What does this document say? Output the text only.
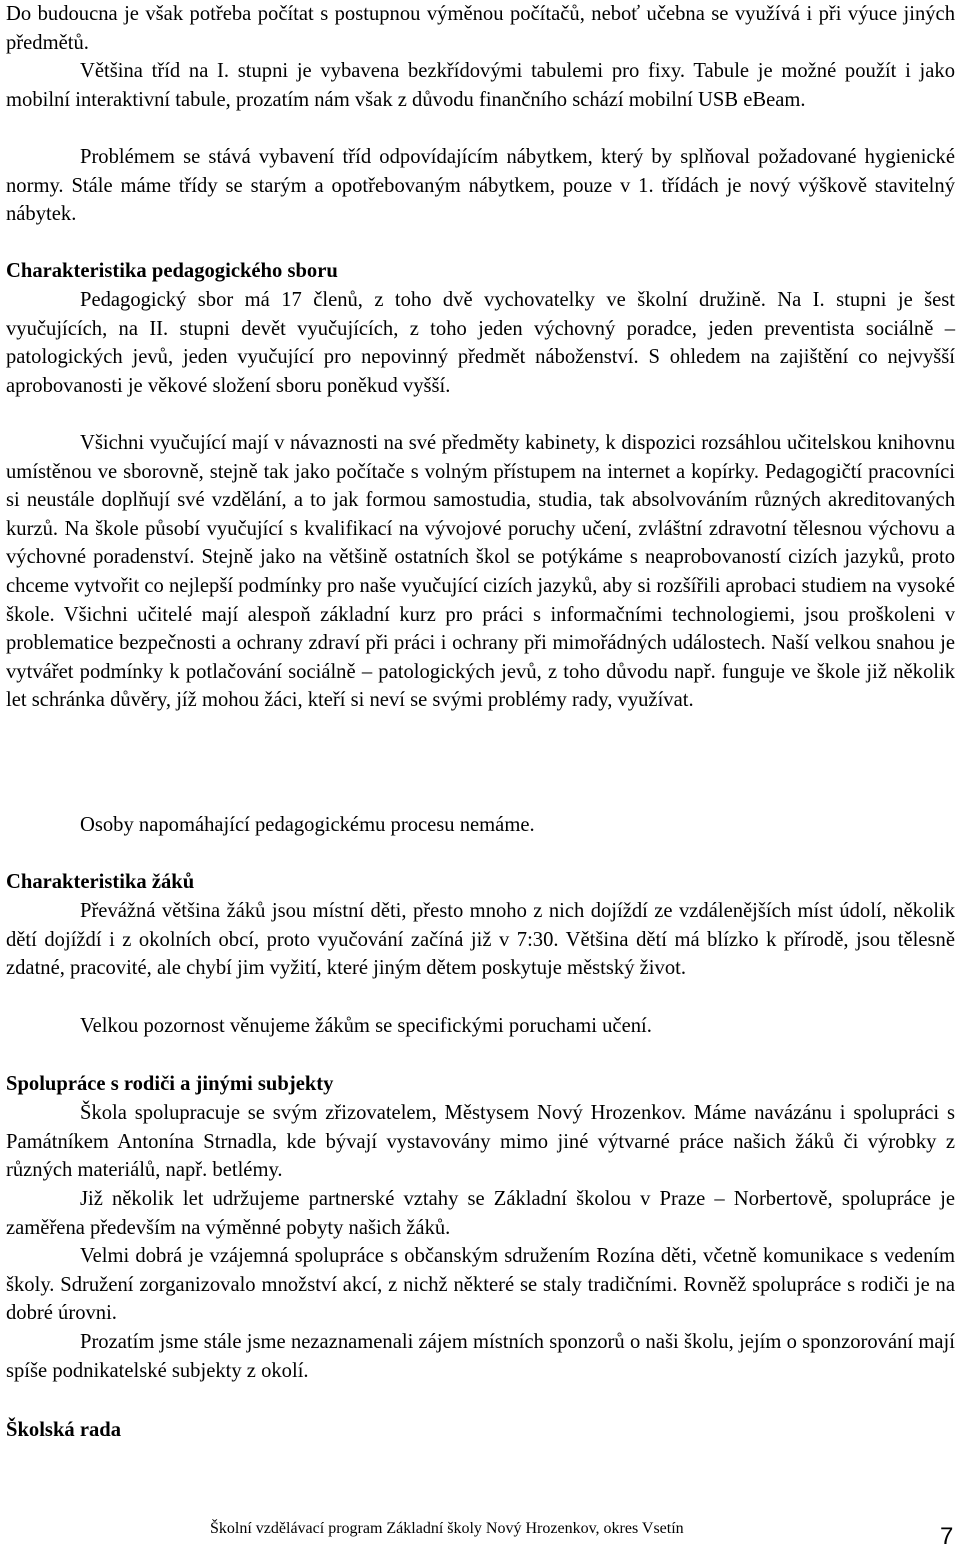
Do budoucna je však potřeba počítat s postupnou výměnou počítačů, neboť učebna se využívá i při výuce jiných předmětů.

Většina tříd na I. stupni je vybavena bezkřídovými tabulemi pro fixy. Tabule je možné použít i jako mobilní interaktivní tabule, prozatím nám však z důvodu finančního schází mobilní USB eBeam.

Problémem se stává vybavení tříd odpovídajícím nábytkem, který by splňoval požadované hygienické normy. Stále máme třídy se starým a opotřebovaným nábytkem, pouze v 1. třídách je nový výškově stavitelný nábytek.

Charakteristika pedagogického sboru

Pedagogický sbor má 17 členů, z toho dvě vychovatelky ve školní družině. Na I. stupni je šest vyučujících, na II. stupni devět vyučujících, z toho jeden výchovný poradce, jeden preventista sociálně – patologických jevů, jeden vyučující pro nepovinný předmět náboženství. S ohledem na zajištění co nejvyšší aprobovanosti je věkové složení sboru poněkud vyšší.

Všichni vyučující mají v návaznosti na své předměty kabinety, k dispozici rozsáhlou učitelskou knihovnu umístěnou ve sborovně, stejně tak jako počítače s volným přístupem na internet a kopírky. Pedagogičtí pracovníci si neustále doplňují své vzdělání, a to jak formou samostudia, studia, tak absolvováním různých akreditovaných kurzů. Na škole působí vyučující s kvalifikací na vývojové poruchy učení, zvláštní zdravotní tělesnou výchovu a výchovné poradenství. Stejně jako na většině ostatních škol se potýkáme s neaprobovaností cizích jazyků, proto chceme vytvořit co nejlepší podmínky pro naše vyučující cizích jazyků, aby si rozšířili aprobaci studiem na vysoké škole. Všichni učitelé mají alespoň základní kurz pro práci s informačními technologiemi, jsou proškoleni v problematice bezpečnosti a ochrany zdraví při práci i ochrany při mimořádných událostech. Naší velkou snahou je vytvářet podmínky k potlačování sociálně – patologických jevů, z toho důvodu např. funguje ve škole již několik let schránka důvěry, jíž mohou žáci, kteří si neví se svými problémy rady, využívat.

Osoby napomáhající pedagogickému procesu nemáme.

Charakteristika žáků

Převážná většina žáků jsou místní děti, přesto mnoho z nich dojíždí ze vzdálenějších míst údolí, několik dětí dojíždí i z okolních obcí, proto vyučování začíná již v 7:30. Většina dětí má blízko k přírodě, jsou tělesně zdatné, pracovité, ale chybí jim vyžití, které jiným dětem poskytuje městský život.

Velkou pozornost věnujeme žákům se specifickými poruchami učení.

Spolupráce s rodiči a jinými subjekty

Škola spolupracuje se svým zřizovatelem, Městysem Nový Hrozenkov. Máme navázánu i spolupráci s Památníkem Antonína Strnadla, kde bývají vystavovány mimo jiné výtvarné práce našich žáků či výrobky z různých materiálů, např. betlémy.

Již několik let udržujeme partnerské vztahy se Základní školou v Praze – Norbertově, spolupráce je zaměřena především na výměnné pobyty našich žáků.

Velmi dobrá je vzájemná spolupráce s občanským sdružením Rozína děti, včetně komunikace s vedením školy. Sdružení zorganizovalo množství akcí, z nichž některé se staly tradičními. Rovněž spolupráce s rodiči je na dobré úrovni.

Prozatím jsme stále jsme nezaznamenali zájem místních sponzorů o naši školu, jejím o sponzorování mají spíše podnikatelské subjekty z okolí.

Školská rada
Školní vzdělávací program Základní školy Nový Hrozenkov, okres Vsetín	7
